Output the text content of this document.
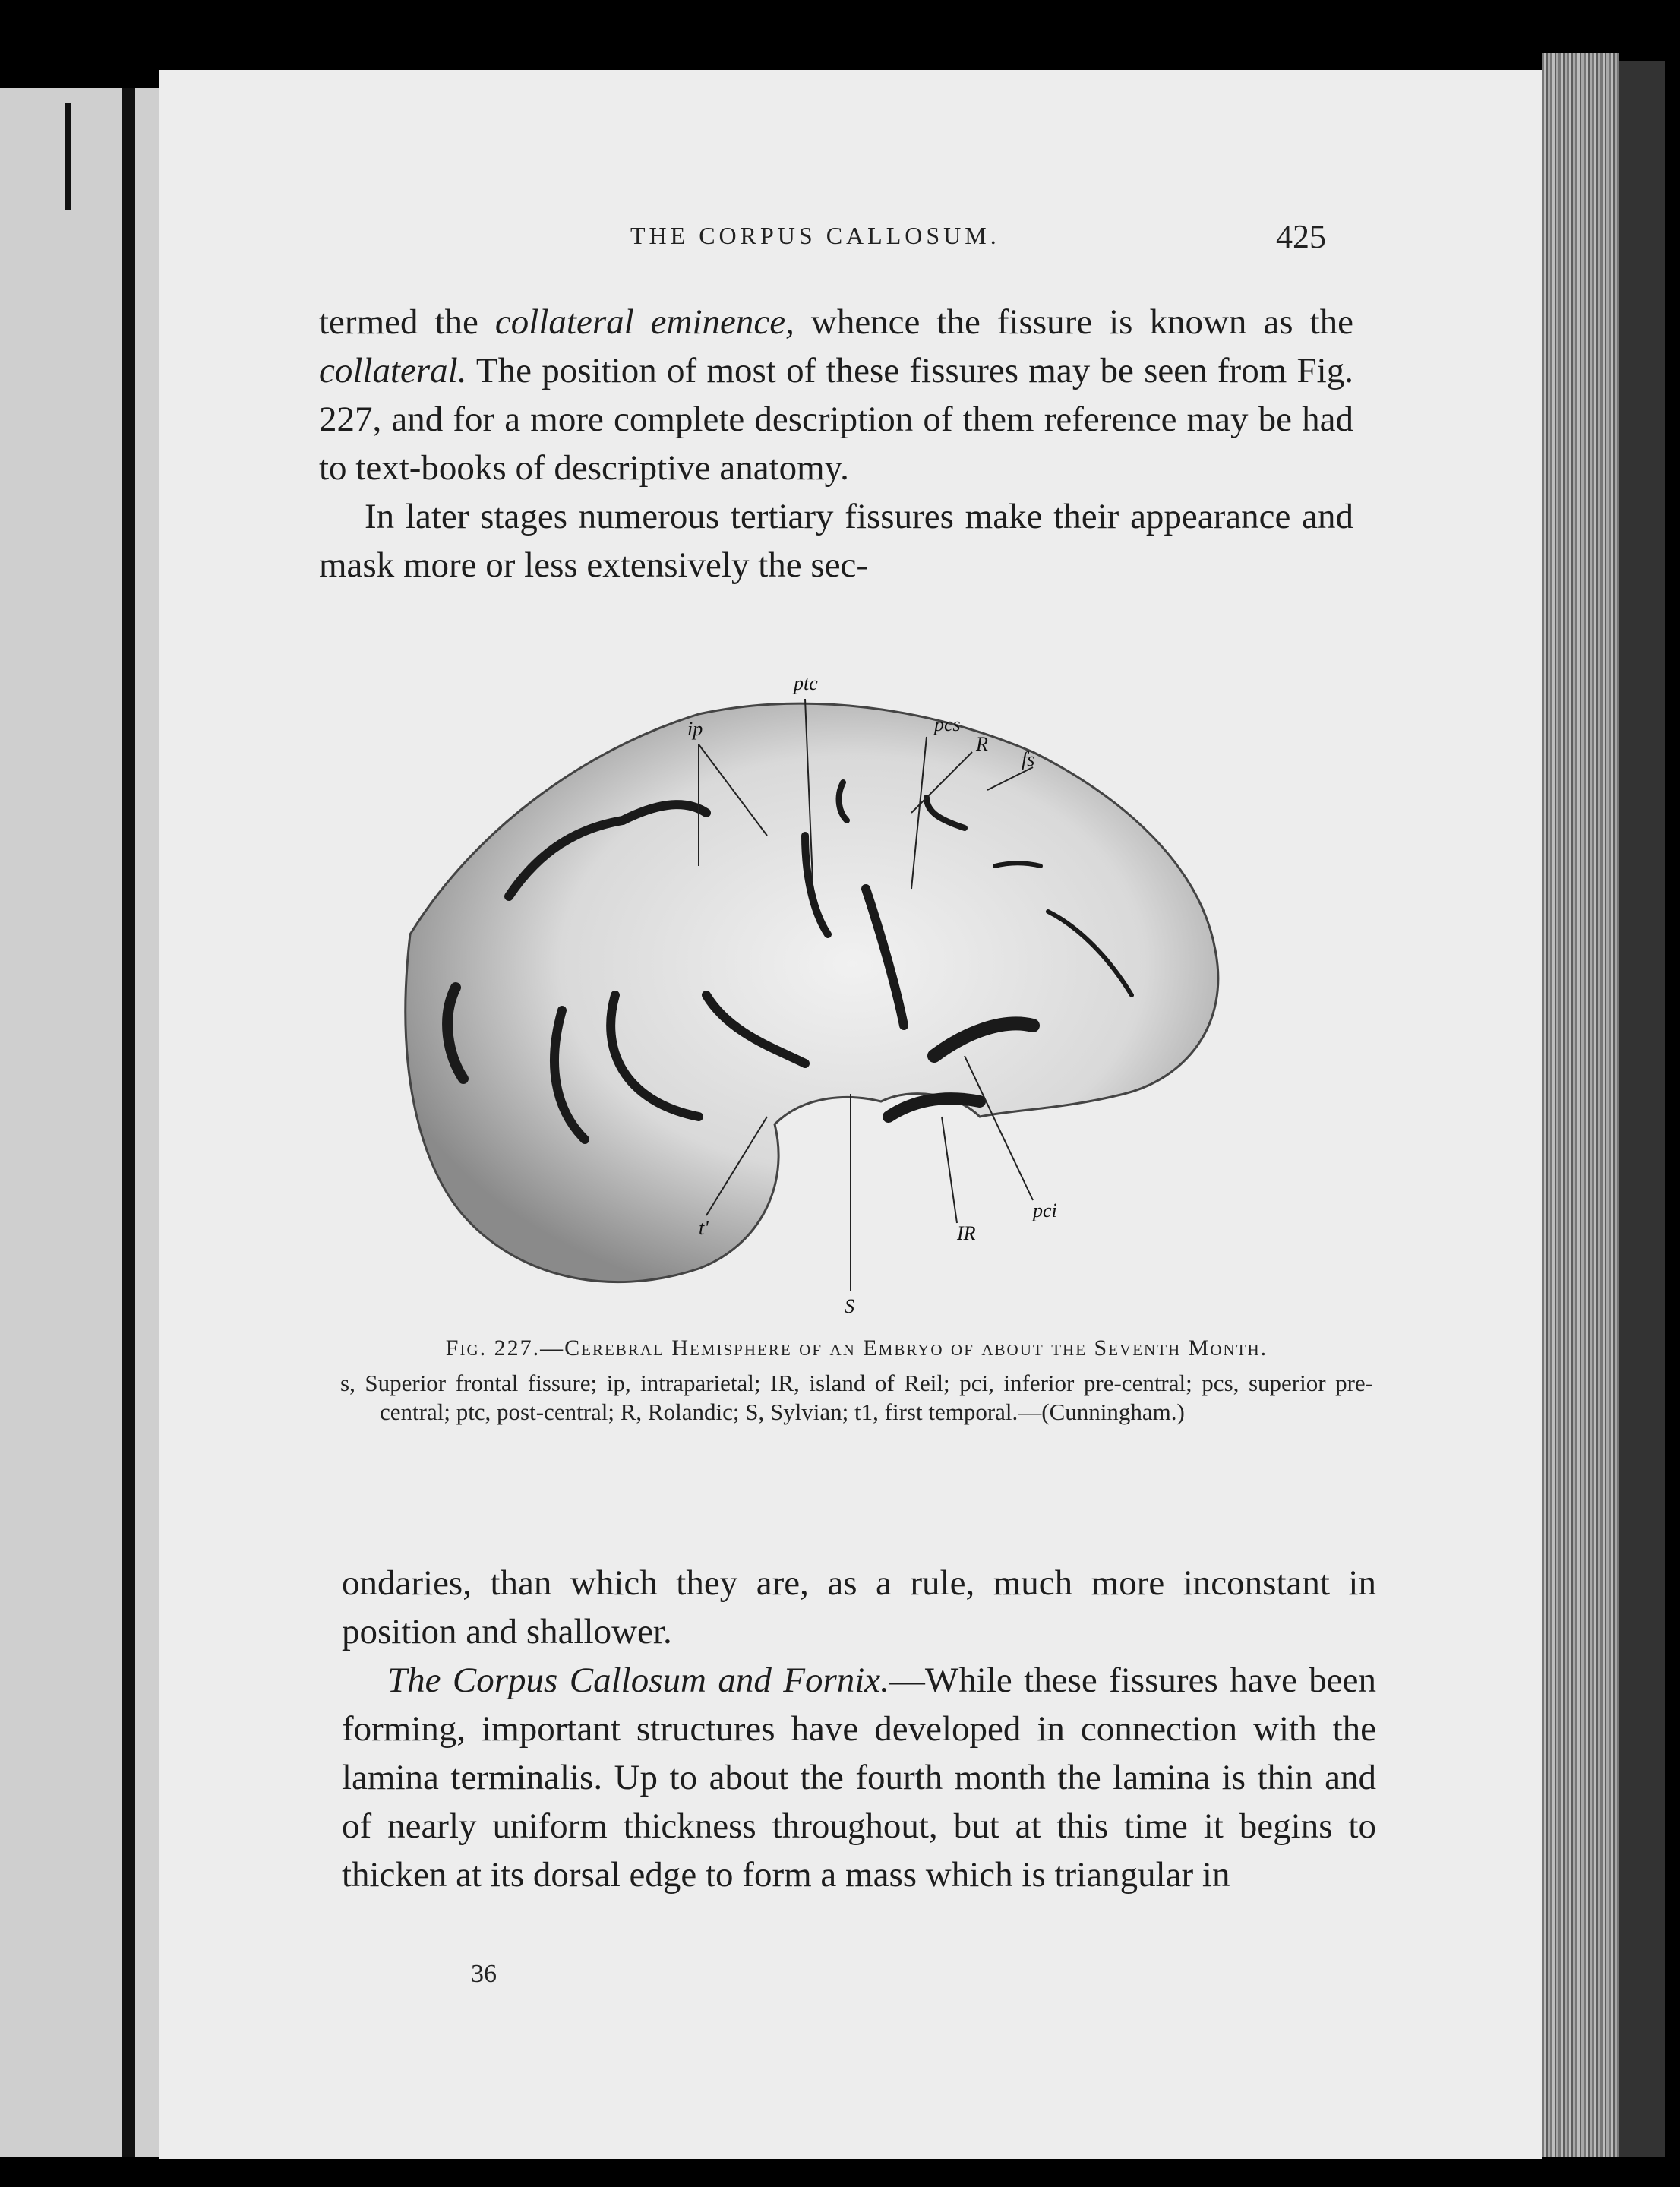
THE CORPUS CALLOSUM.	425

termed the collateral eminence, whence the fissure is known as the collateral. The position of most of these fissures may be seen from Fig. 227, and for a more complete description of them reference may be had to text-books of descriptive anatomy.

In later stages numerous tertiary fissures make their appearance and mask more or less extensively the sec-

ptc
ip	pcs
R
fs
t'	IR
pci
S
Fig. 227.—Cerebral Hemisphere of an Embryo of about the Seventh Month.
s, Superior frontal fissure; ip, intraparietal; IR, island of Reil; pci, inferior pre-central; pcs, superior pre-central; ptc, post-central; R, Rolandic; S, Sylvian; t1, first temporal.—(Cunningham.)

ondaries, than which they are, as a rule, much more inconstant in position and shallower.

The Corpus Callosum and Fornix.—While these fissures have been forming, important structures have developed in connection with the lamina terminalis. Up to about the fourth month the lamina is thin and of nearly uniform thickness throughout, but at this time it begins to thicken at its dorsal edge to form a mass which is triangular in

36
